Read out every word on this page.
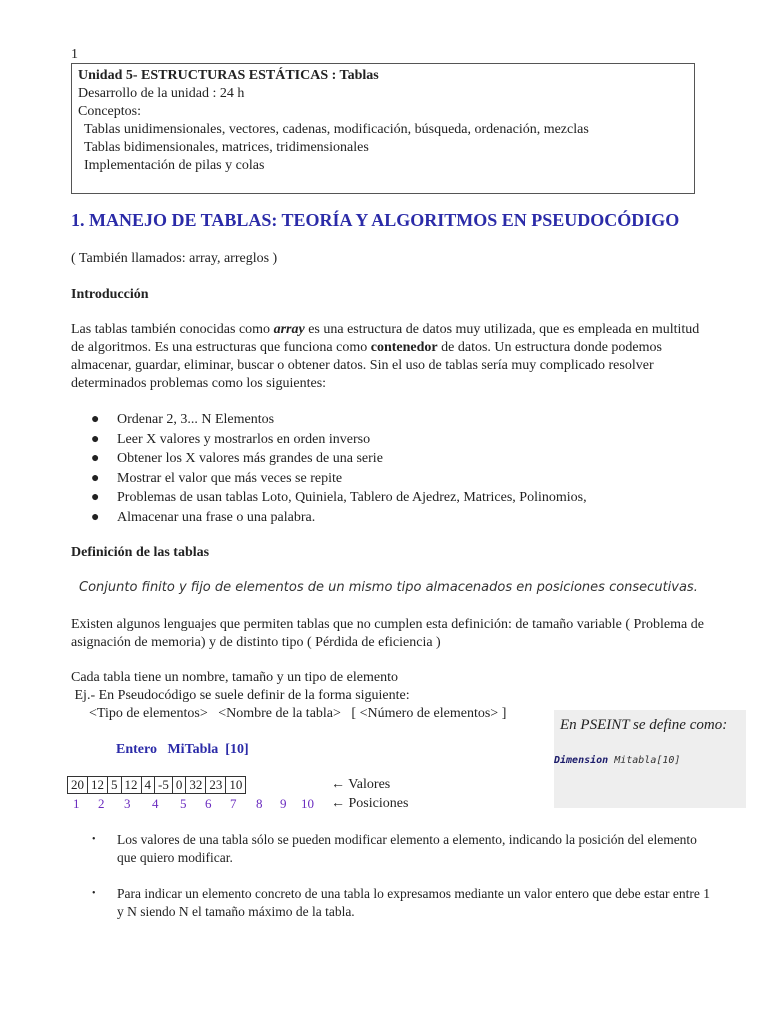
1
Unidad 5- ESTRUCTURAS ESTÁTICAS : Tablas
Desarrollo de la unidad : 24 h
Conceptos:
Tablas unidimensionales, vectores, cadenas, modificación, búsqueda, ordenación, mezclas
Tablas bidimensionales, matrices, tridimensionales
Implementación de pilas y colas
1. MANEJO DE TABLAS: TEORÍA Y ALGORITMOS EN PSEUDOCÓDIGO
( También llamados: array, arreglos )
Introducción
Las tablas también conocidas como array es una estructura de datos muy utilizada, que es empleada en multitud de algoritmos. Es una estructuras que funciona como contenedor de datos. Un estructura donde podemos almacenar, guardar, eliminar, buscar o obtener datos. Sin el uso de tablas sería muy complicado resolver determinados problemas como los siguientes:
● Ordenar 2, 3... N Elementos
● Leer X valores y mostrarlos en orden inverso
● Obtener los X valores más grandes de una serie
● Mostrar el valor que más veces se repite
● Problemas de usan tablas Loto, Quiniela, Tablero de Ajedrez, Matrices, Polinomios,
● Almacenar una frase o una palabra.
Definición de las tablas
Conjunto finito y fijo de elementos de un mismo tipo almacenados en posiciones consecutivas.
Existen algunos lenguajes que permiten tablas que no cumplen esta definición: de tamaño variable ( Problema de asignación de memoria) y de distinto tipo ( Pérdida de eficiencia )
Cada tabla tiene un nombre, tamaño y un tipo de elemento
Ej.- En Pseudocódigo se suele definir de la forma siguiente:
<Tipo de elementos>   <Nombre de la tabla>   [ <Número de elementos> ]
Entero   MiTabla  [10]
En PSEINT se define como:
Dimension Mitabla[10]
20	12	5	12	4	-5	0	32	23	10
1 2 3 4 5 6 7 8 9 10
← Valores
← Posiciones
• Los valores de una tabla sólo se pueden modificar elemento a elemento, indicando la posición del elemento que quiero modificar.
• Para indicar un elemento concreto de una tabla lo expresamos mediante un valor entero que debe estar entre 1 y N siendo N el tamaño máximo de la tabla.
